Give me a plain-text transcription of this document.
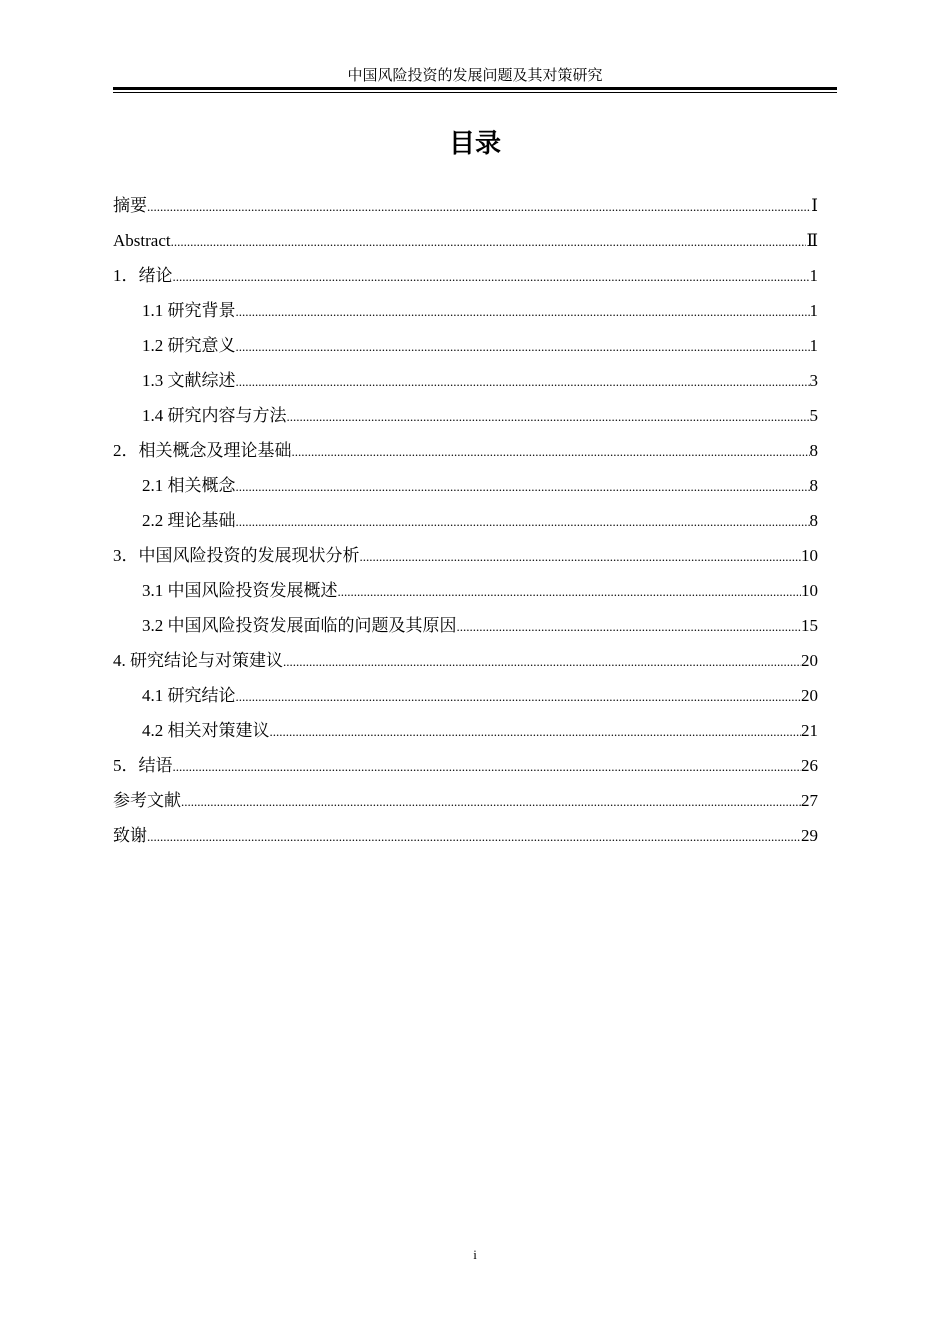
中国风险投资的发展问题及其对策研究
目录
摘要 .....	Ⅰ
Abstract .....	Ⅱ
1．绪论 .....	1
1.1 研究背景 .....	1
1.2 研究意义 .....	1
1.3 文献综述 .....	3
1.4 研究内容与方法 .....	5
2．相关概念及理论基础 .....	8
2.1 相关概念 .....	8
2.2 理论基础 .....	8
3．中国风险投资的发展现状分析 .....	10
3.1 中国风险投资发展概述 .....	10
3.2 中国风险投资发展面临的问题及其原因 .....	15
4. 研究结论与对策建议 .....	20
4.1 研究结论 .....	20
4.2 相关对策建议 .....	21
5．结语 .....	26
参考文献 .....	27
致谢 .....	29
i
